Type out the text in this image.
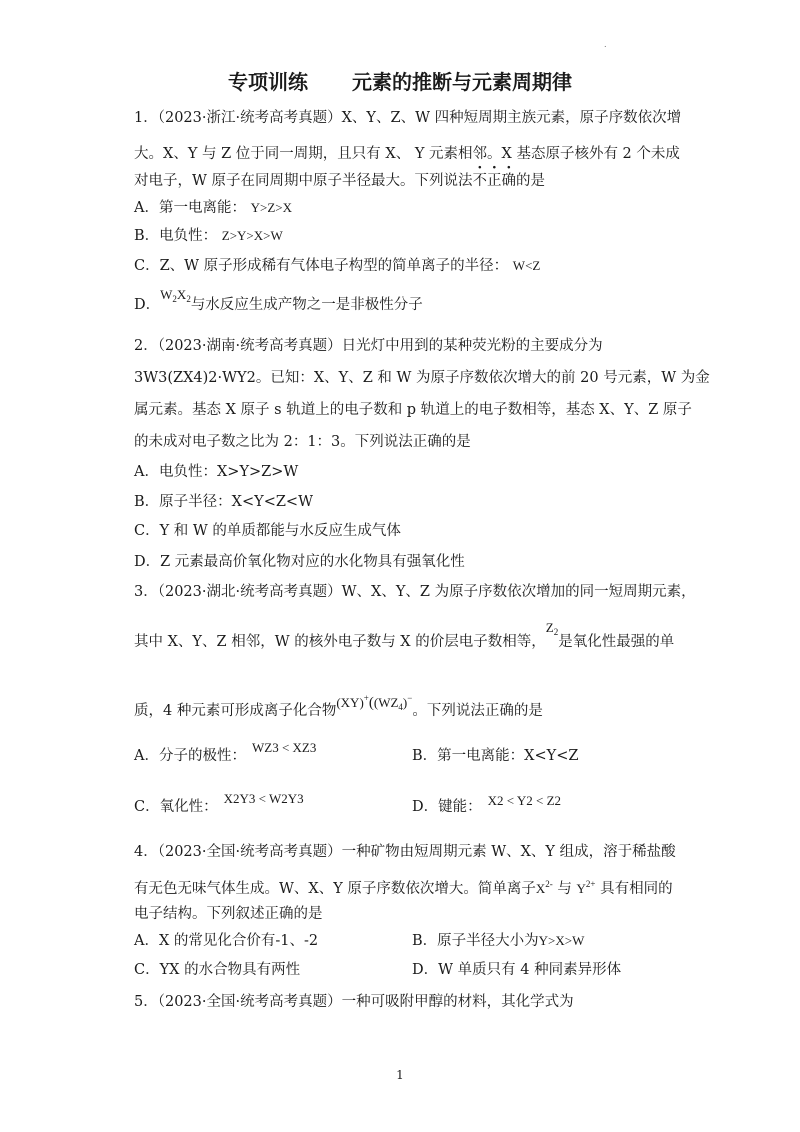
.
专项训练 元素的推断与元素周期律
1．（2023·浙江·统考高考真题）X、Y、Z、W 四种短周期主族元素，原子序数依次增
大。X、Y 与 Z 位于同一周期，且只有 X、 Y 元素相邻。X 基态原子核外有 2 个未成
对电子，W 原子在同周期中原子半径最大。下列说法不正确的是
A．第一电离能： Y>Z>X
B．电负性： Z>Y>X>W
C．Z、W 原子形成稀有气体电子构型的简单离子的半径： W<Z
D．$W_2X_2$与水反应生成产物之一是非极性分子
2．（2023·湖南·统考高考真题）日光灯中用到的某种荧光粉的主要成分为
3W3(ZX4)2·WY2。已知：X、Y、Z 和 W 为原子序数依次增大的前 20 号元素，W 为金
属元素。基态 X 原子 s 轨道上的电子数和 p 轨道上的电子数相等，基态 X、Y、Z 原子
的未成对电子数之比为 2：1：3。下列说法正确的是
A．电负性：X>Y>Z>W
B．原子半径：X<Y<Z<W
C．Y 和 W 的单质都能与水反应生成气体
D．Z 元素最高价氧化物对应的水化物具有强氧化性
3．（2023·湖北·统考高考真题）W、X、Y、Z 为原子序数依次增加的同一短周期元素，
其中 X、Y、Z 相邻，W 的核外电子数与 X 的价层电子数相等，$Z_2$是氧化性最强的单
质，4 种元素可形成离子化合物$(XY)^+((WZ_4)^-$。下列说法正确的是
A．分子的极性：WZ3 < XZ3
B．第一电离能：X<Y<Z
C．氧化性：X2Y3 < W2Y3
D．键能： X2 < Y2 < Z2
4．（2023·全国·统考高考真题）一种矿物由短周期元素 W、X、Y 组成，溶于稀盐酸
有无色无味气体生成。W、X、Y 原子序数依次增大。简单离子$X^{2-}$ 与 $Y^{2+}$ 具有相同的
电子结构。下列叙述正确的是
A．X 的常见化合价有-1、-2	B．原子半径大小为Y>X>W
C．YX 的水合物具有两性	D．W 单质只有 4 种同素异形体
5．（2023·全国·统考高考真题）一种可吸附甲醇的材料，其化学式为
1
